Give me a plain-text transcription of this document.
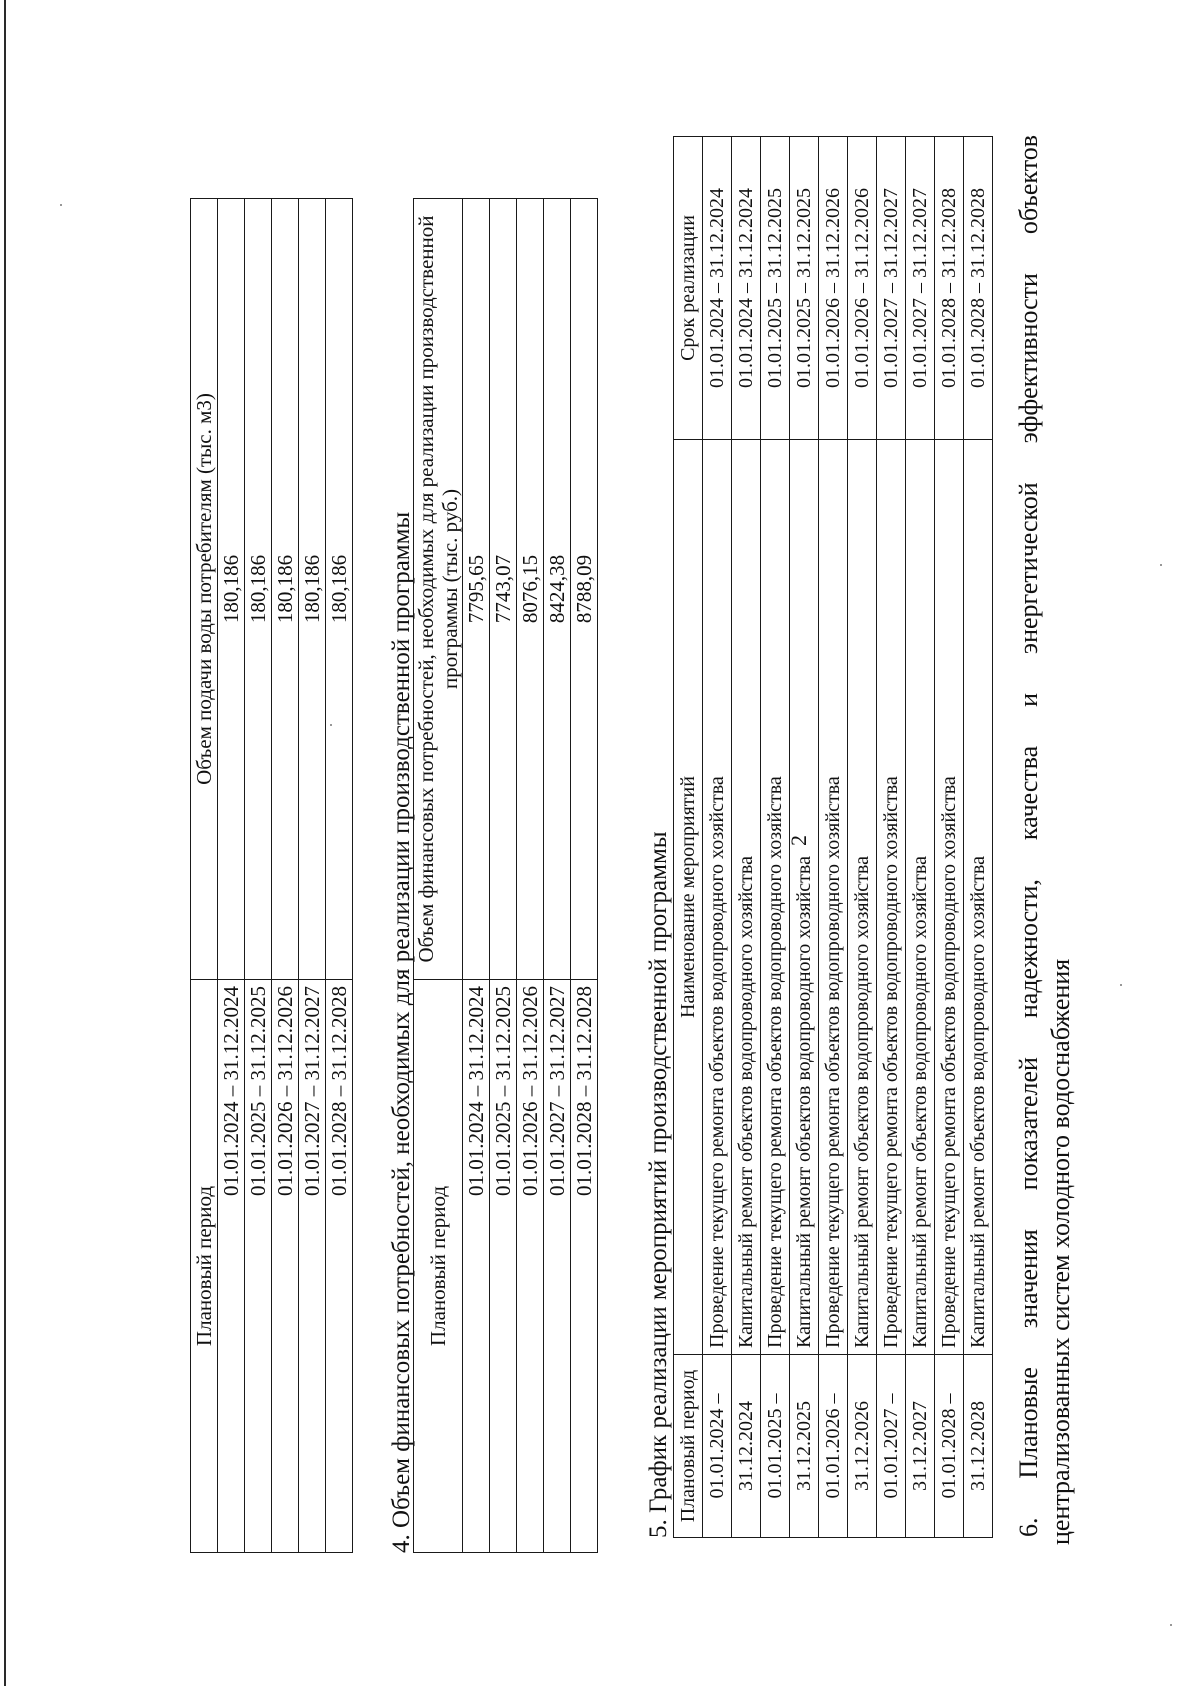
2
Плановый период	Объем подачи воды потребителям (тыс. м3)
01.01.2024 – 31.12.2024	180,186
01.01.2025 – 31.12.2025	180,186
01.01.2026 – 31.12.2026	180,186
01.01.2027 – 31.12.2027	180,186
01.01.2028 – 31.12.2028	180,186 4. Объем финансовых потребностей, необходимых для реализации производственной программы Плановый период	Объем финансовых потребностей, необходимых для реализации производственной программы (тыс. руб.)
01.01.2024 – 31.12.2024	7795,65
01.01.2025 – 31.12.2025	7743,07
01.01.2026 – 31.12.2026	8076,15
01.01.2027 – 31.12.2027	8424,38
01.01.2028 – 31.12.2028	8788,09
5. График реализации мероприятий производственной программы Плановый период	Наименование мероприятий	Срок реализации
01.01.2024 –	Проведение текущего ремонта объектов водопроводного хозяйства	01.01.2024 – 31.12.2024
31.12.2024	Капитальный ремонт объектов водопроводного хозяйства	01.01.2024 – 31.12.2024
01.01.2025 –	Проведение текущего ремонта объектов водопроводного хозяйства	01.01.2025 – 31.12.2025
31.12.2025	Капитальный ремонт объектов водопроводного хозяйства	01.01.2025 – 31.12.2025
01.01.2026 –	Проведение текущего ремонта объектов водопроводного хозяйства	01.01.2026 – 31.12.2026
31.12.2026	Капитальный ремонт объектов водопроводного хозяйства	01.01.2026 – 31.12.2026
01.01.2027 –	Проведение текущего ремонта объектов водопроводного хозяйства	01.01.2027 – 31.12.2027
31.12.2027	Капитальный ремонт объектов водопроводного хозяйства	01.01.2027 – 31.12.2027
01.01.2028 –	Проведение текущего ремонта объектов водопроводного хозяйства	01.01.2028 – 31.12.2028
31.12.2028	Капитальный ремонт объектов водопроводного хозяйства	01.01.2028 – 31.12.2028 6. Плановые значения показателей надежности, качества и энергетической эффективности объектов централизованных систем холодного водоснабжения
